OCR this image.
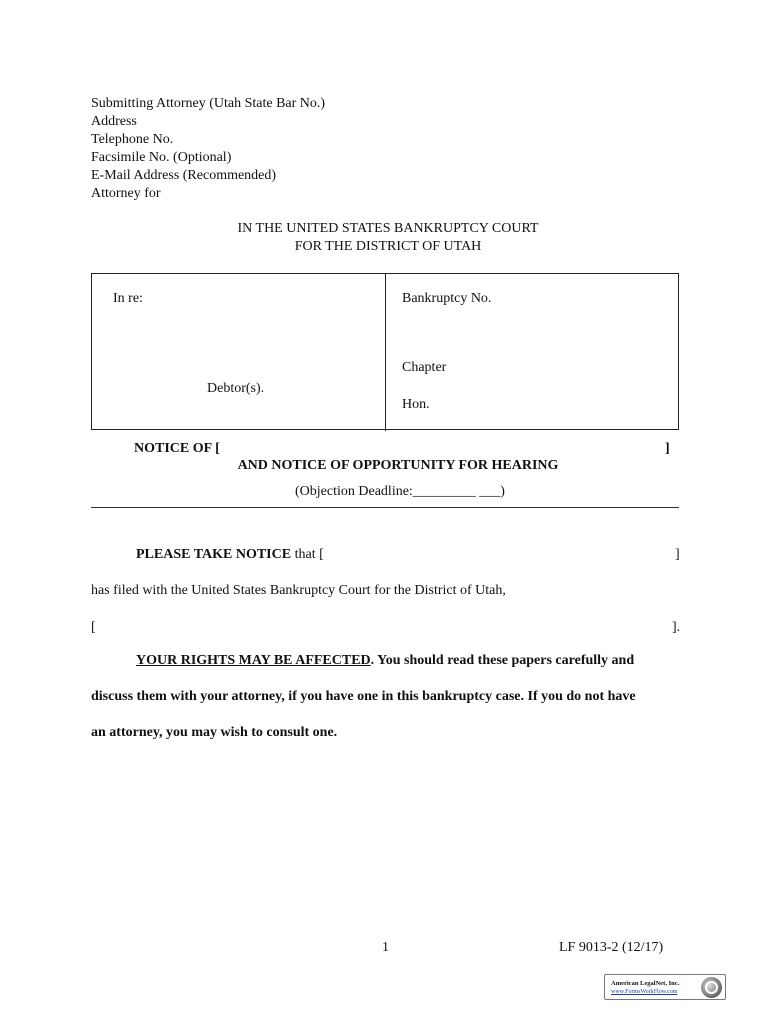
Submitting Attorney (Utah State Bar No.)
Address
Telephone No.
Facsimile No. (Optional)
E-Mail Address (Recommended)
Attorney for
IN THE UNITED STATES BANKRUPTCY COURT
FOR THE DISTRICT OF UTAH
In re:
Debtor(s).
Bankruptcy No.
Chapter
Hon.
NOTICE OF [	]
AND NOTICE OF OPPORTUNITY FOR HEARING
(Objection Deadline:_________ ___)
PLEASE TAKE NOTICE that [	]
has filed with the United States Bankruptcy Court for the District of Utah,
[	].
YOUR RIGHTS MAY BE AFFECTED. You should read these papers carefully and
discuss them with your attorney, if you have one in this bankruptcy case. If you do not have
an attorney, you may wish to consult one.
1	LF 9013-2 (12/17)
American LegalNet, Inc.
www.FormsWorkFlow.com
